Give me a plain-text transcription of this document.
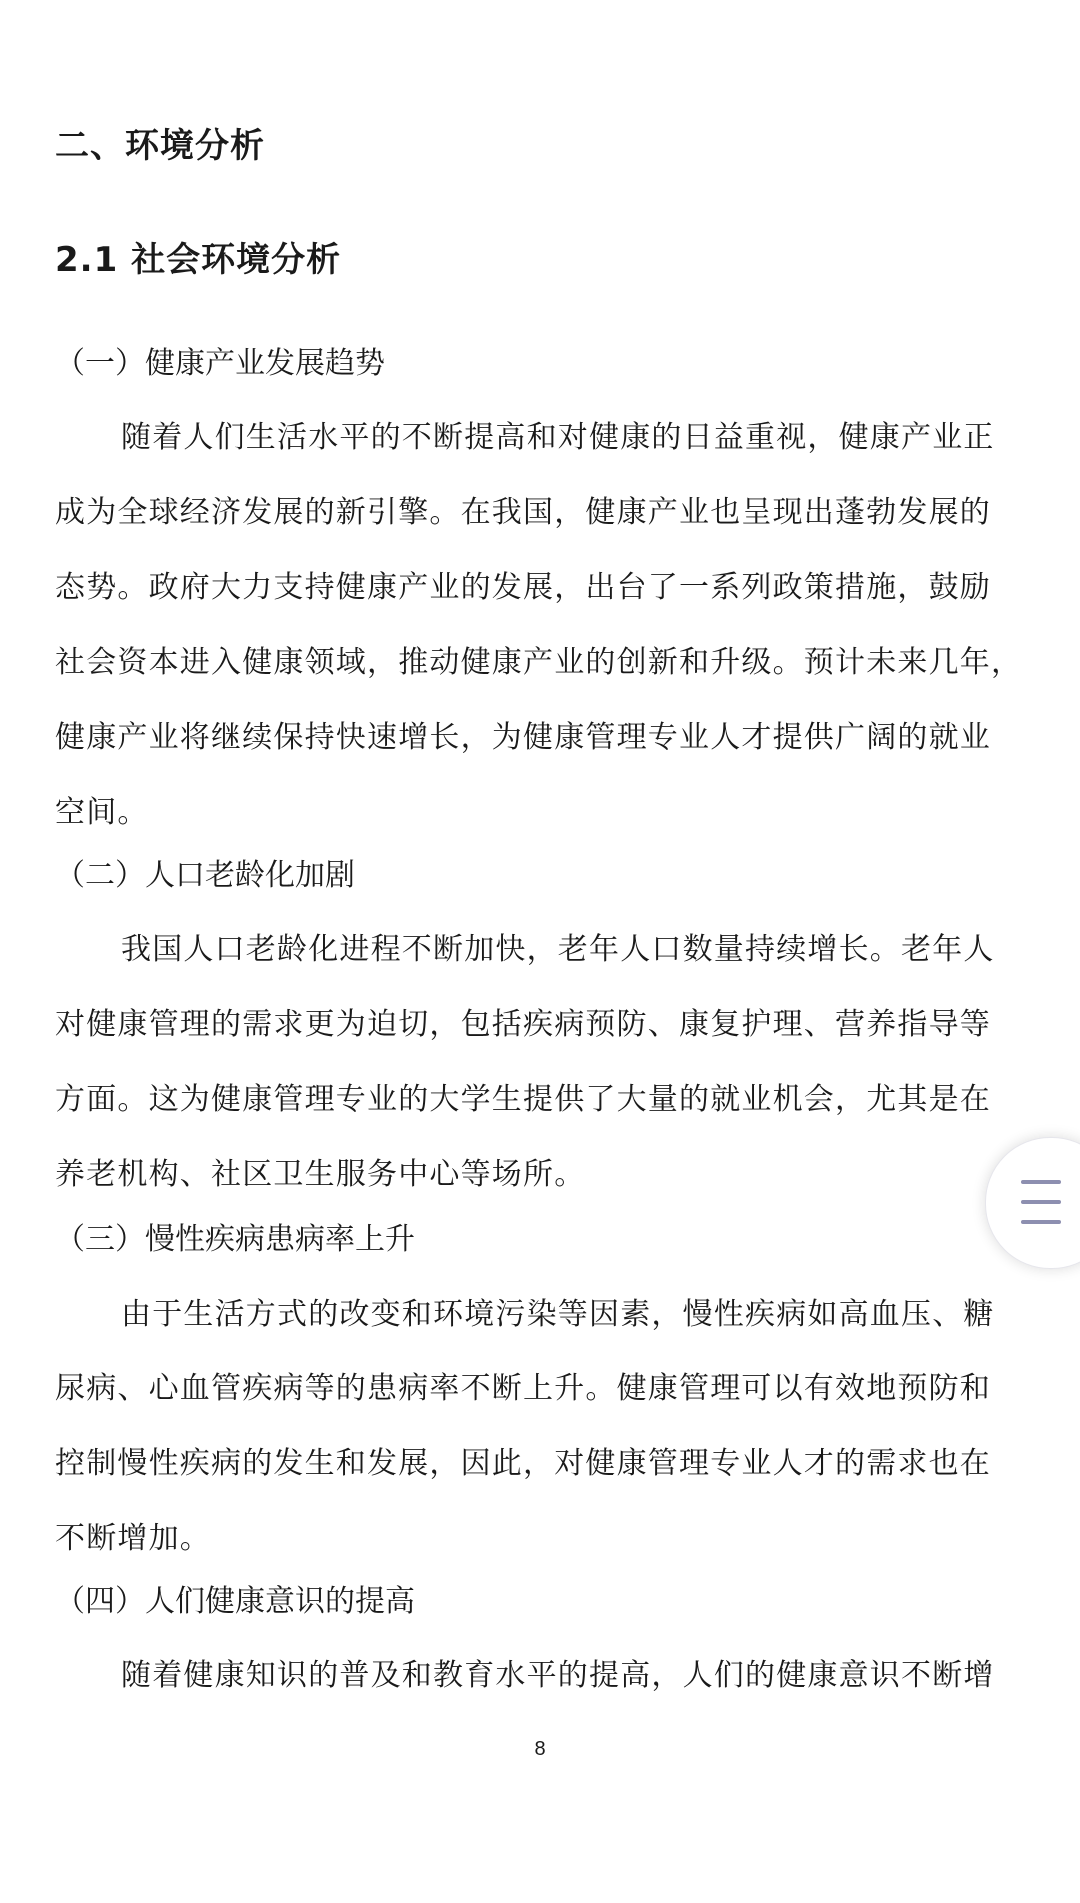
二、环境分析
2.1 社会环境分析
（一）健康产业发展趋势
随着人们生活水平的不断提高和对健康的日益重视，健康产业正
成为全球经济发展的新引擎。在我国，健康产业也呈现出蓬勃发展的
态势。政府大力支持健康产业的发展，出台了一系列政策措施，鼓励
社会资本进入健康领域，推动健康产业的创新和升级。预计未来几年，
健康产业将继续保持快速增长，为健康管理专业人才提供广阔的就业
空间。
（二）人口老龄化加剧
我国人口老龄化进程不断加快，老年人口数量持续增长。老年人
对健康管理的需求更为迫切，包括疾病预防、康复护理、营养指导等
方面。这为健康管理专业的大学生提供了大量的就业机会，尤其是在
养老机构、社区卫生服务中心等场所。
（三）慢性疾病患病率上升
由于生活方式的改变和环境污染等因素，慢性疾病如高血压、糖
尿病、心血管疾病等的患病率不断上升。健康管理可以有效地预防和
控制慢性疾病的发生和发展，因此，对健康管理专业人才的需求也在
不断增加。
（四）人们健康意识的提高
随着健康知识的普及和教育水平的提高，人们的健康意识不断增
8
